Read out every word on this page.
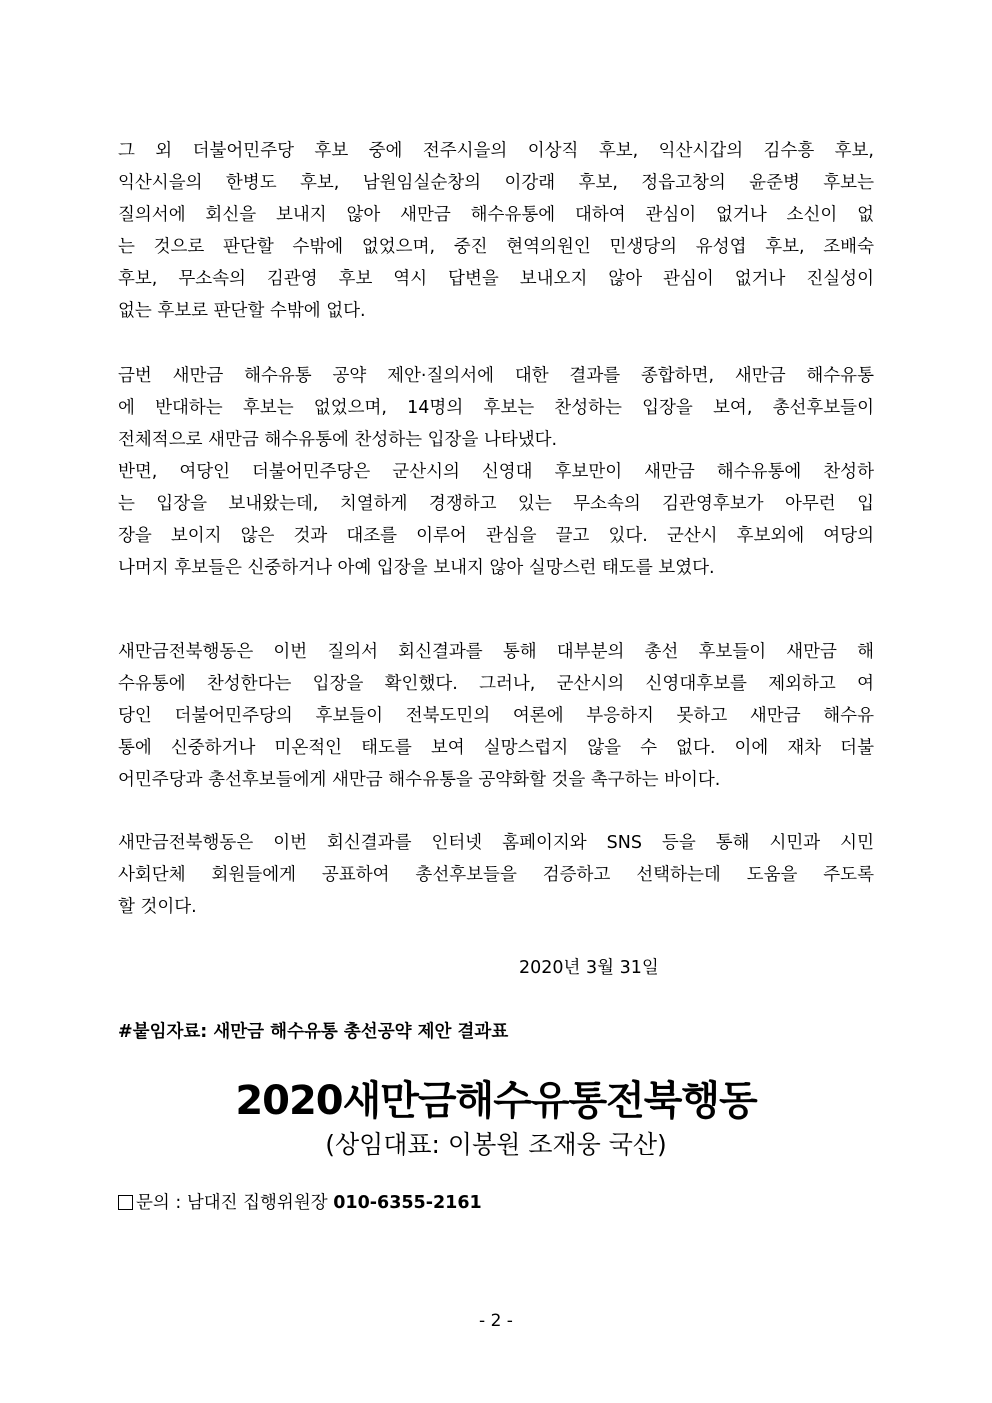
그 외 더불어민주당 후보 중에 전주시을의 이상직 후보, 익산시갑의 김수흥 후보,
익산시을의 한병도 후보, 남원임실순창의 이강래 후보, 정읍고창의 윤준병 후보는
질의서에 회신을 보내지 않아 새만금 해수유통에 대하여 관심이 없거나 소신이 없
는 것으로 판단할 수밖에 없었으며, 중진 현역의원인 민생당의 유성엽 후보, 조배숙
후보, 무소속의 김관영 후보 역시 답변을 보내오지 않아 관심이 없거나 진실성이
없는 후보로 판단할 수밖에 없다.
금번 새만금 해수유통 공약 제안·질의서에 대한 결과를 종합하면, 새만금 해수유통
에 반대하는 후보는 없었으며, 14명의 후보는 찬성하는 입장을 보여, 총선후보들이
전체적으로 새만금 해수유통에 찬성하는 입장을 나타냈다.
반면, 여당인 더불어민주당은 군산시의 신영대 후보만이 새만금 해수유통에 찬성하
는 입장을 보내왔는데, 치열하게 경쟁하고 있는 무소속의 김관영후보가 아무런 입
장을 보이지 않은 것과 대조를 이루어 관심을 끌고 있다. 군산시 후보외에 여당의
나머지 후보들은 신중하거나 아예 입장을 보내지 않아 실망스런 태도를 보였다.
새만금전북행동은 이번 질의서 회신결과를 통해 대부분의 총선 후보들이 새만금 해
수유통에 찬성한다는 입장을 확인했다. 그러나, 군산시의 신영대후보를 제외하고 여
당인 더불어민주당의 후보들이 전북도민의 여론에 부응하지 못하고 새만금 해수유
통에 신중하거나 미온적인 태도를 보여 실망스럽지 않을 수 없다. 이에 재차 더불
어민주당과 총선후보들에게 새만금 해수유통을 공약화할 것을 촉구하는 바이다.
새만금전북행동은 이번 회신결과를 인터넷 홈페이지와 SNS 등을 통해 시민과 시민
사회단체 회원들에게 공표하여 총선후보들을 검증하고 선택하는데 도움을 주도록
할 것이다.
2020년 3월 31일
#붙임자료: 새만금 해수유통 총선공약 제안 결과표
2020새만금해수유통전북행동
(상임대표: 이봉원 조재웅 국산)
문의 : 남대진 집행위원장 010-6355-2161
- 2 -
